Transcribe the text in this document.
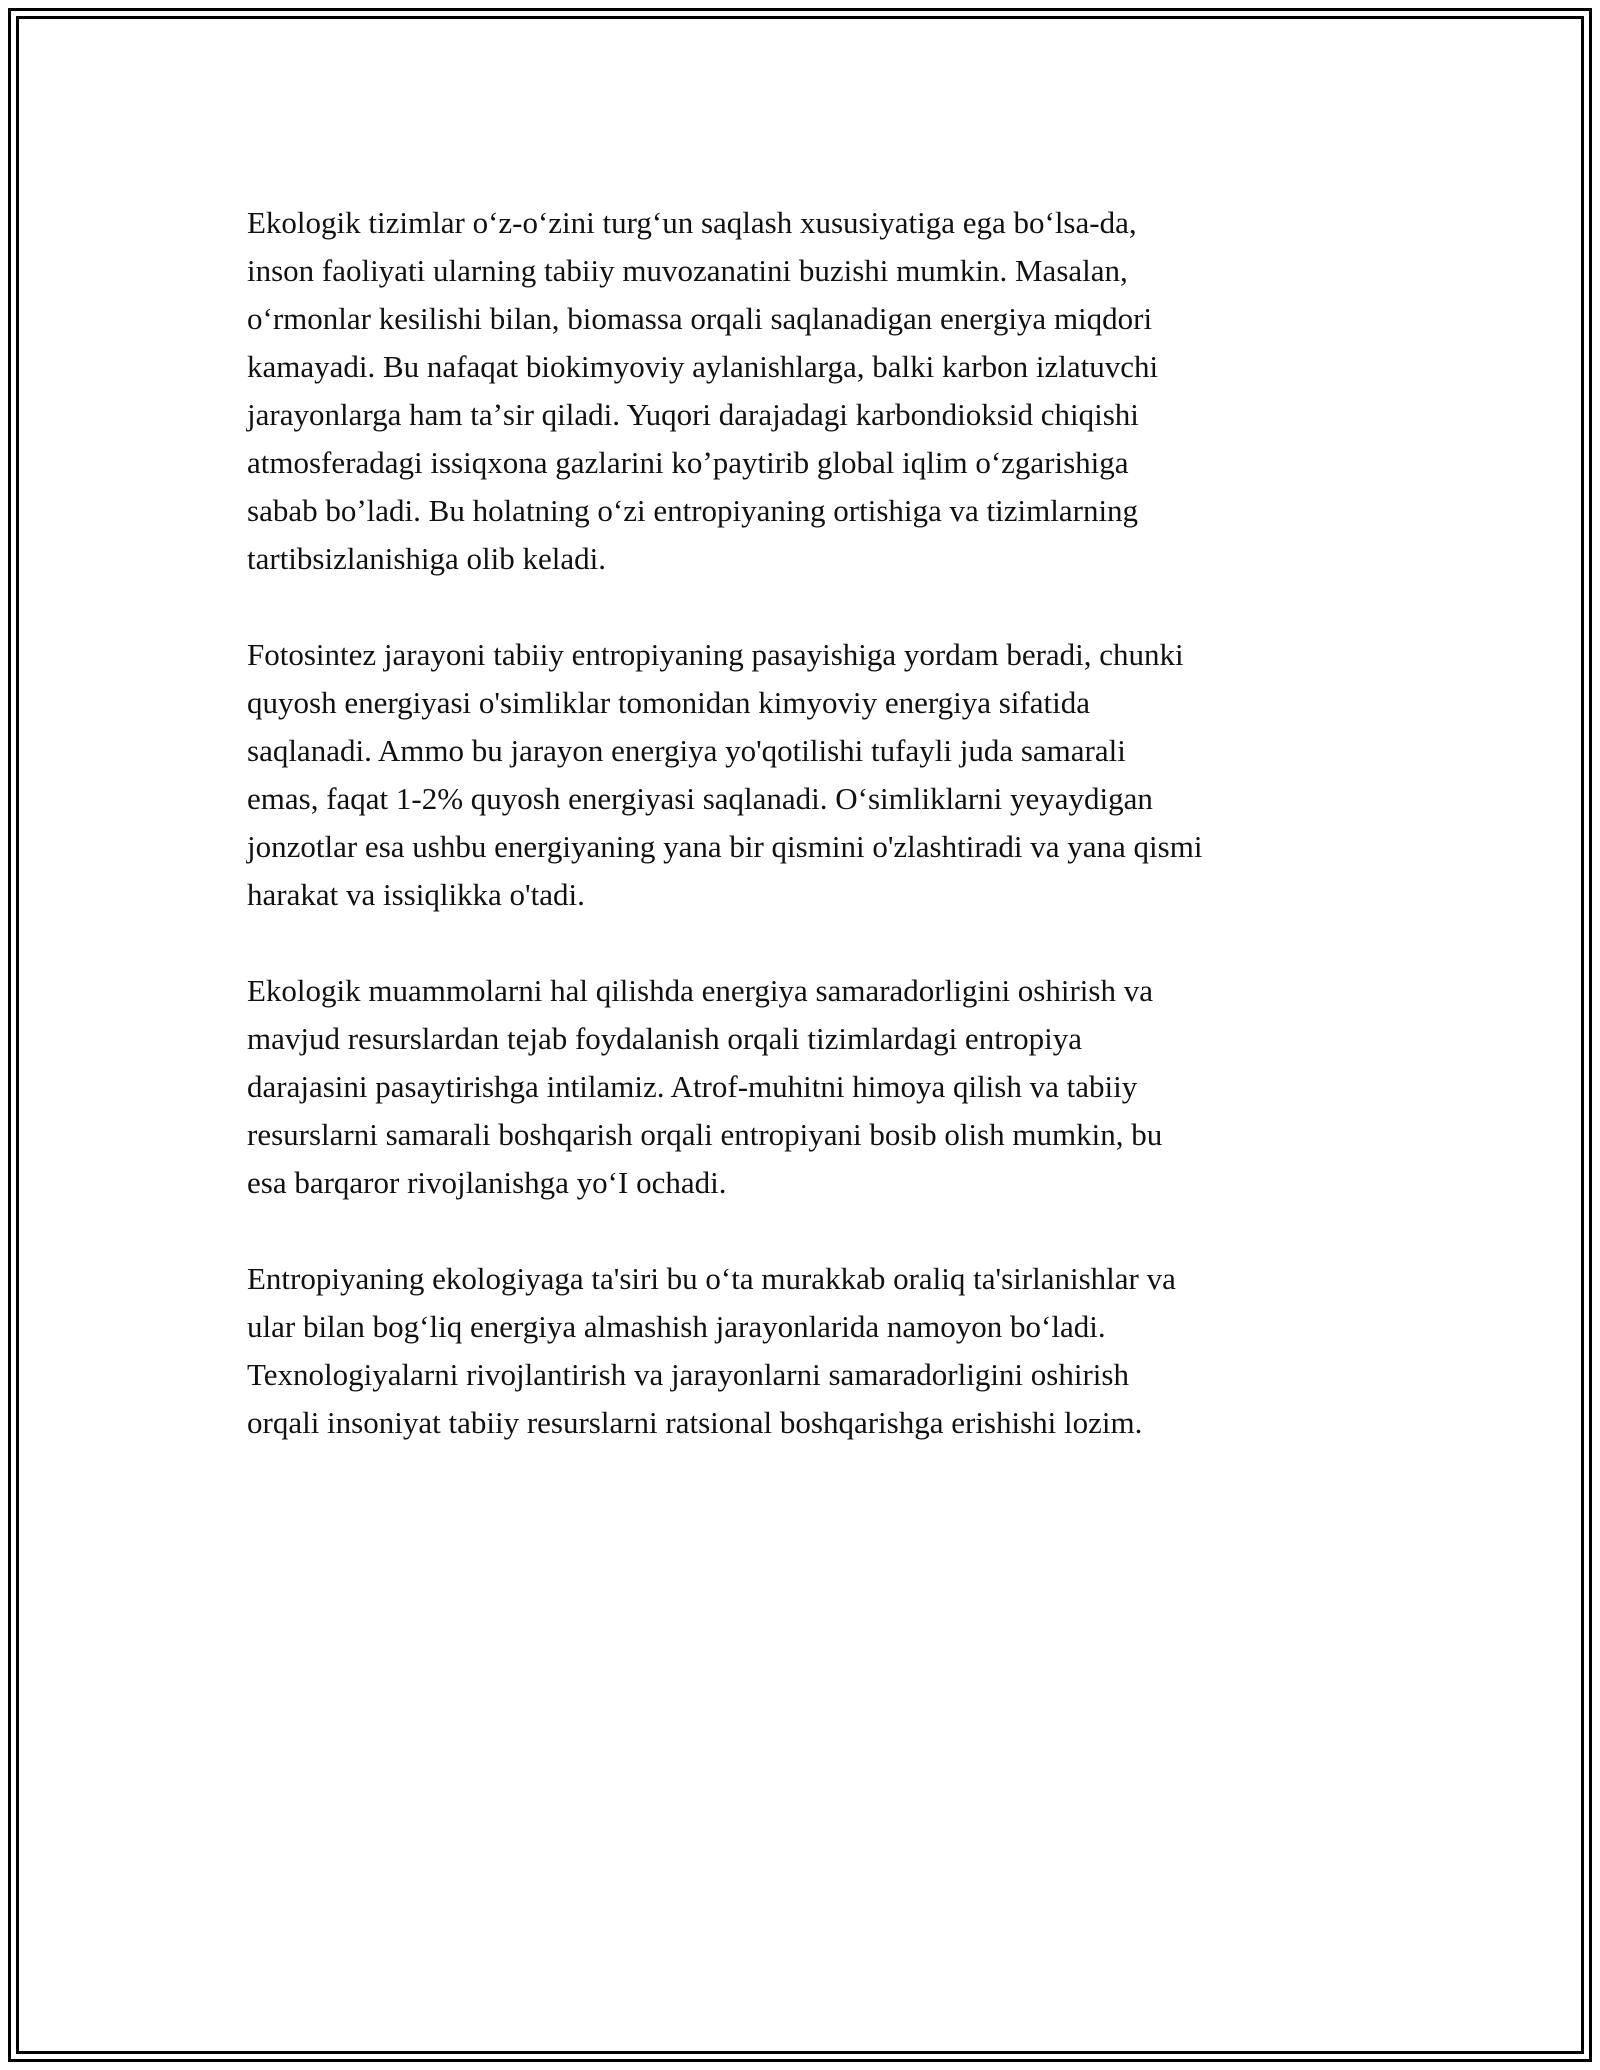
Ekologik tizimlar oʻz-oʻzini turgʻun saqlash xususiyatiga ega boʻlsa-da,
inson faoliyati ularning tabiiy muvozanatini buzishi mumkin. Masalan,
oʻrmonlar kesilishi bilan, biomassa orqali saqlanadigan energiya miqdori
kamayadi. Bu nafaqat biokimyoviy aylanishlarga, balki karbon izlatuvchi
jarayonlarga ham taʼsir qiladi. Yuqori darajadagi karbondioksid chiqishi
atmosferadagi issiqxona gazlarini koʼpaytirib global iqlim oʻzgarishiga
sabab boʼladi. Bu holatning oʻzi entropiyaning ortishiga va tizimlarning
tartibsizlanishiga olib keladi.

Fotosintez jarayoni tabiiy entropiyaning pasayishiga yordam beradi, chunki
quyosh energiyasi o'simliklar tomonidan kimyoviy energiya sifatida
saqlanadi. Ammo bu jarayon energiya yo'qotilishi tufayli juda samarali
emas, faqat 1-2% quyosh energiyasi saqlanadi. Oʻsimliklarni yeyaydigan
jonzotlar esa ushbu energiyaning yana bir qismini o'zlashtiradi va yana qismi
harakat va issiqlikka o'tadi.

Ekologik muammolarni hal qilishda energiya samaradorligini oshirish va
mavjud resurslardan tejab foydalanish orqali tizimlardagi entropiya
darajasini pasaytirishga intilamiz. Atrof-muhitni himoya qilish va tabiiy
resurslarni samarali boshqarish orqali entropiyani bosib olish mumkin, bu
esa barqaror rivojlanishga yoʻI ochadi.

Entropiyaning ekologiyaga ta'siri bu oʻta murakkab oraliq ta'sirlanishlar va
ular bilan bogʻliq energiya almashish jarayonlarida namoyon boʻladi.
Texnologiyalarni rivojlantirish va jarayonlarni samaradorligini oshirish
orqali insoniyat tabiiy resurslarni ratsional boshqarishga erishishi lozim.
